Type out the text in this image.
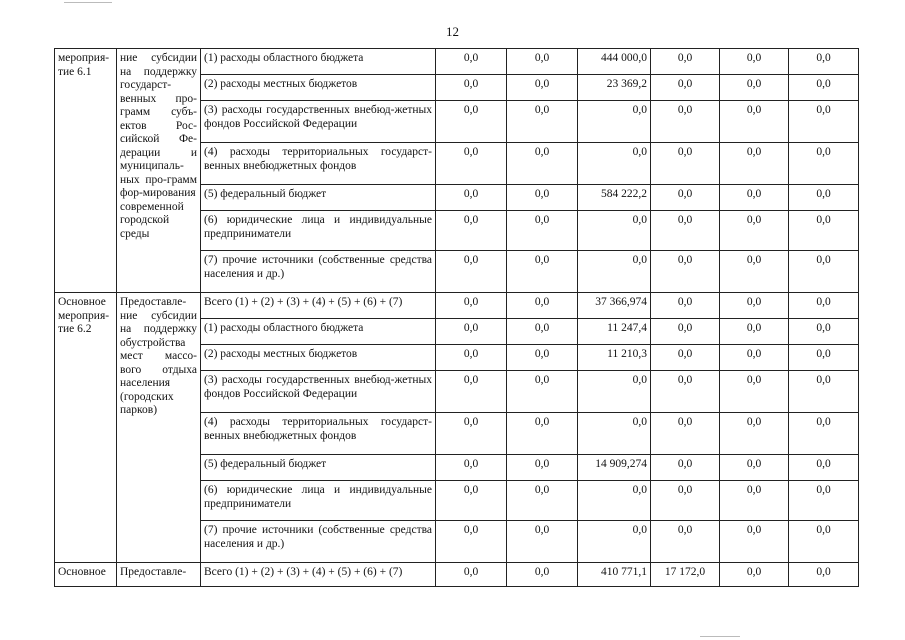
12
мероприя-тие 6.1	ние субсидии на поддержку государст-венных про-грамм субъ-ектов Рос-сийской Фе-дерации и муниципаль-ных про-грамм фор-мирования современной городской среды	(1) расходы областного бюджета	0,0	0,0	444 000,0	0,0	0,0	0,0
		(2) расходы местных бюджетов	0,0	0,0	23 369,2	0,0	0,0	0,0
		(3) расходы государственных внебюд-жетных фондов Российской Федерации	0,0	0,0	0,0	0,0	0,0	0,0
		(4) расходы территориальных государст-венных внебюджетных фондов	0,0	0,0	0,0	0,0	0,0	0,0
		(5) федеральный бюджет	0,0	0,0	584 222,2	0,0	0,0	0,0
		(6) юридические лица и индивидуальные предприниматели	0,0	0,0	0,0	0,0	0,0	0,0
		(7) прочие источники (собственные средства населения и др.)	0,0	0,0	0,0	0,0	0,0	0,0
Основное мероприя-тие 6.2	Предоставле-ние субсидии на поддержку обустройства мест массо-вого отдыха населения (городских парков)	Всего (1) + (2) + (3) + (4) + (5) + (6) + (7)	0,0	0,0	37 366,974	0,0	0,0	0,0
		(1) расходы областного бюджета	0,0	0,0	11 247,4	0,0	0,0	0,0
		(2) расходы местных бюджетов	0,0	0,0	11 210,3	0,0	0,0	0,0
		(3) расходы государственных внебюд-жетных фондов Российской Федерации	0,0	0,0	0,0	0,0	0,0	0,0
		(4) расходы территориальных государст-венных внебюджетных фондов	0,0	0,0	0,0	0,0	0,0	0,0
		(5) федеральный бюджет	0,0	0,0	14 909,274	0,0	0,0	0,0
		(6) юридические лица и индивидуальные предприниматели	0,0	0,0	0,0	0,0	0,0	0,0
		(7) прочие источники (собственные средства населения и др.)	0,0	0,0	0,0	0,0	0,0	0,0
Основное	Предоставле-	Всего (1) + (2) + (3) + (4) + (5) + (6) + (7)	0,0	0,0	410 771,1	17 172,0	0,0	0,0
